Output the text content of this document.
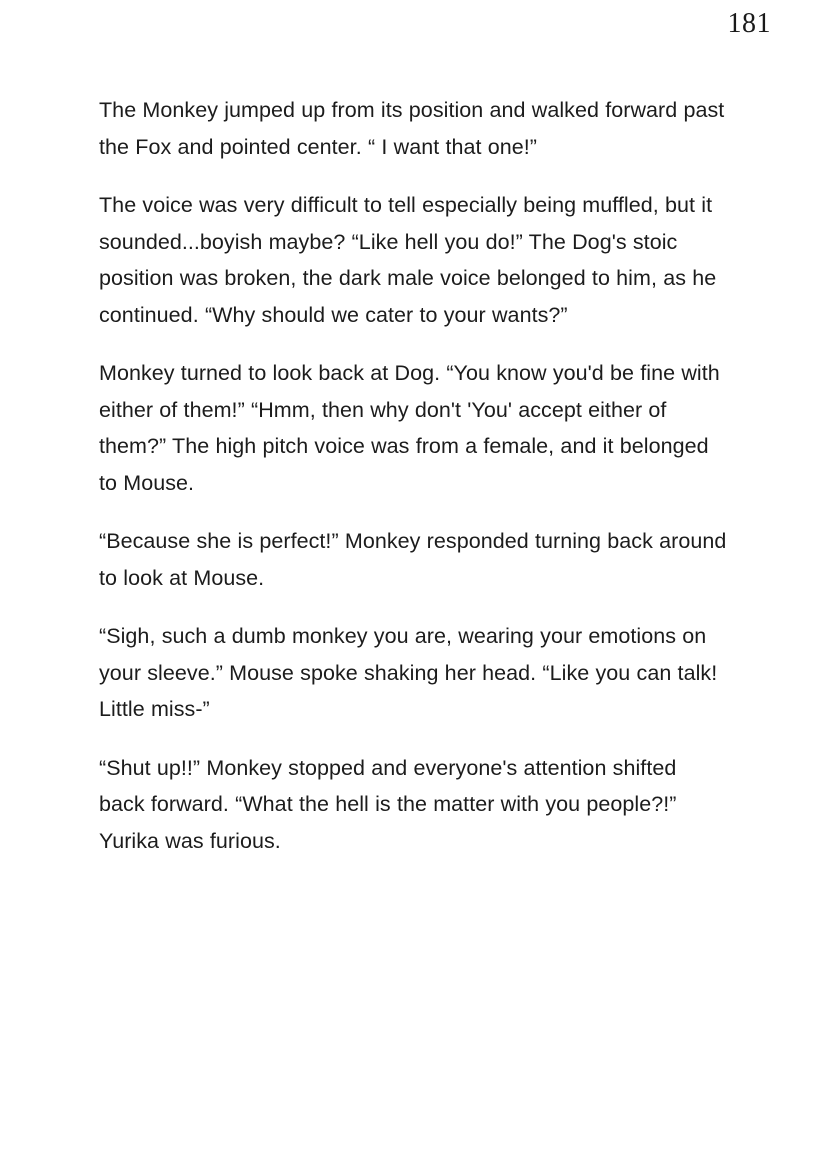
181

The Monkey jumped up from its position and walked forward past the Fox and pointed center. “ I want that one!”

The voice was very difficult to tell especially being muffled, but it sounded...boyish maybe? “Like hell you do!” The Dog's stoic position was broken, the dark male voice belonged to him, as he continued. “Why should we cater to your wants?”

Monkey turned to look back at Dog. “You know you'd be fine with either of them!” “Hmm, then why don't 'You' accept either of them?” The high pitch voice was from a female, and it belonged to Mouse.

“Because she is perfect!” Monkey responded turning back around to look at Mouse.

“Sigh, such a dumb monkey you are, wearing your emotions on your sleeve.” Mouse spoke shaking her head. “Like you can talk! Little miss-”

“Shut up!!” Monkey stopped and everyone's attention shifted back forward. “What the hell is the matter with you people?!” Yurika was furious.
